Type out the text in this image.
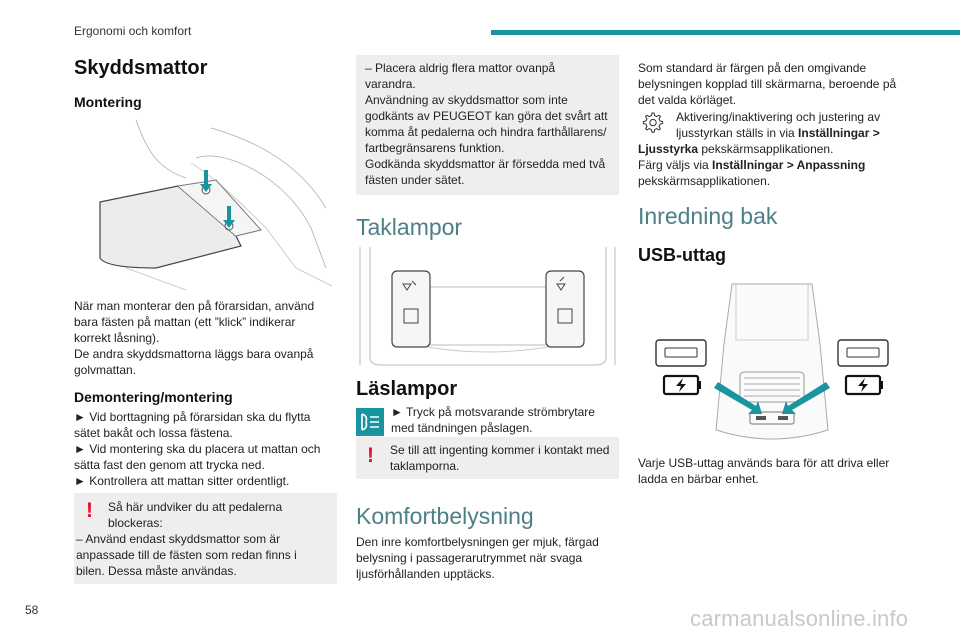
Ergonomi och komfort
Skyddsmattor
Montering
När man monterar den på förarsidan, använd
bara fästen på mattan (ett ”klick” indikerar
korrekt låsning).
De andra skyddsmattorna läggs bara ovanpå
golvmattan.
Demontering/montering
► Vid borttagning på förarsidan ska du flytta
sätet bakåt och lossa fästena.
► Vid montering ska du placera ut mattan och
sätta fast den genom att trycka ned.
► Kontrollera att mattan sitter ordentligt.
! Så här undviker du att pedalerna
blockeras:
– Använd endast skyddsmattor som är
anpassade till de fästen som redan finns i
bilen. Dessa måste användas.
– Placera aldrig flera mattor ovanpå
varandra.
Användning av skyddsmattor som inte
godkänts av PEUGEOT kan göra det svårt att
komma åt pedalerna och hindra farthållarens/
fartbegränsarens funktion.
Godkända skyddsmattor är försedda med två
fästen under sätet.
Taklampor
Läslampor
► Tryck på motsvarande strömbrytare
med tändningen påslagen.
! Se till att ingenting kommer i kontakt med
taklamporna.
Komfortbelysning
Den inre komfortbelysningen ger mjuk, färgad
belysning i passagerarutrymmet när svaga
ljusförhållanden upptäcks.
Som standard är färgen på den omgivande
belysningen kopplad till skärmarna, beroende på
det valda körläget.
Aktivering/inaktivering och justering av
ljusstyrkan ställs in via Inställningar >
Ljusstyrka pekskärmsapplikationen.
Färg väljs via Inställningar > Anpassning
pekskärmsapplikationen.
Inredning bak
USB-uttag
Varje USB-uttag används bara för att driva eller
ladda en bärbar enhet.
58	carmanualsonline.info
